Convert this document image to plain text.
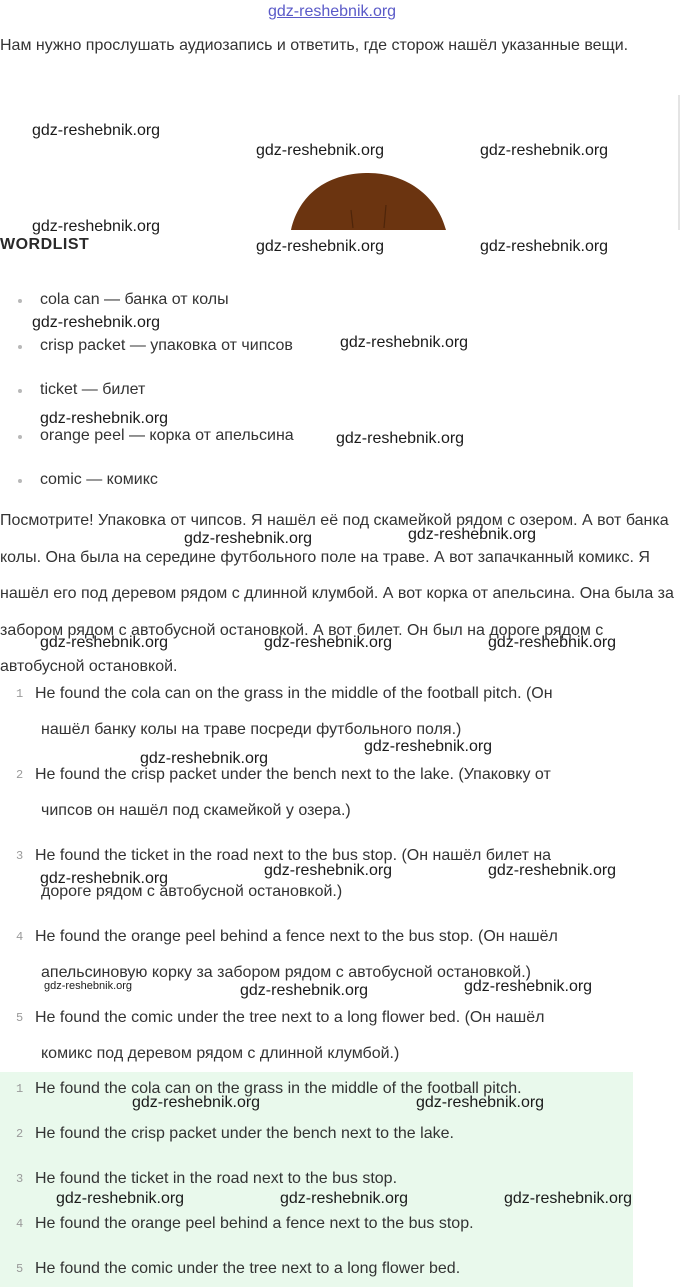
gdz-reshebnik.org
Нам нужно прослушать аудиозапись и ответить, где сторож нашёл указанные вещи.
WORDLIST
cola can — банка от колы
crisp packet — упаковка от чипсов
ticket — билет
orange peel — корка от апельсина
comic — комикс
Посмотрите! Упаковка от чипсов. Я нашёл её под скамейкой рядом с озером. А вот банка колы. Она была на середине футбольного поле на траве. А вот запачканный комикс. Я нашёл его под деревом рядом с длинной клумбой. А вот корка от апельсина. Она была за забором рядом с автобусной остановкой. А вот билет. Он был на дороге рядом с автобусной остановкой.
1 He found the cola can on the grass in the middle of the football pitch. (Он
нашёл банку колы на траве посреди футбольного поля.)
2 He found the crisp packet under the bench next to the lake. (Упаковку от
чипсов он нашёл под скамейкой у озера.)
3 He found the ticket in the road next to the bus stop. (Он нашёл билет на
дороге рядом с автобусной остановкой.)
4 He found the orange peel behind a fence next to the bus stop. (Он нашёл
апельсиновую корку за забором рядом с автобусной остановкой.)
5 He found the comic under the tree next to a long flower bed. (Он нашёл
комикс под деревом рядом с длинной клумбой.)
1 He found the cola can on the grass in the middle of the football pitch.
2 He found the crisp packet under the bench next to the lake.
3 He found the ticket in the road next to the bus stop.
4 He found the orange peel behind a fence next to the bus stop.
5 He found the comic under the tree next to a long flower bed.
gdz-reshebnik.org
gdz-reshebnik.org	gdz-reshebnik.org
gdz-reshebnik.org
gdz-reshebnik.org	gdz-reshebnik.org
gdz-reshebnik.org
gdz-reshebnik.org
gdz-reshebnik.org
gdz-reshebnik.org
gdz-reshebnik.org	gdz-reshebnik.org
gdz-reshebnik.org	gdz-reshebnik.org	gdz-reshebnik.org
gdz-reshebnik.org
gdz-reshebnik.org
gdz-reshebnik.org	gdz-reshebnik.org
gdz-reshebnik.org
gdz-reshebnik.org	gdz-reshebnik.org
gdz-reshebnik.org
gdz-reshebnik.org	gdz-reshebnik.org
gdz-reshebnik.org	gdz-reshebnik.org	gdz-reshebnik.org
